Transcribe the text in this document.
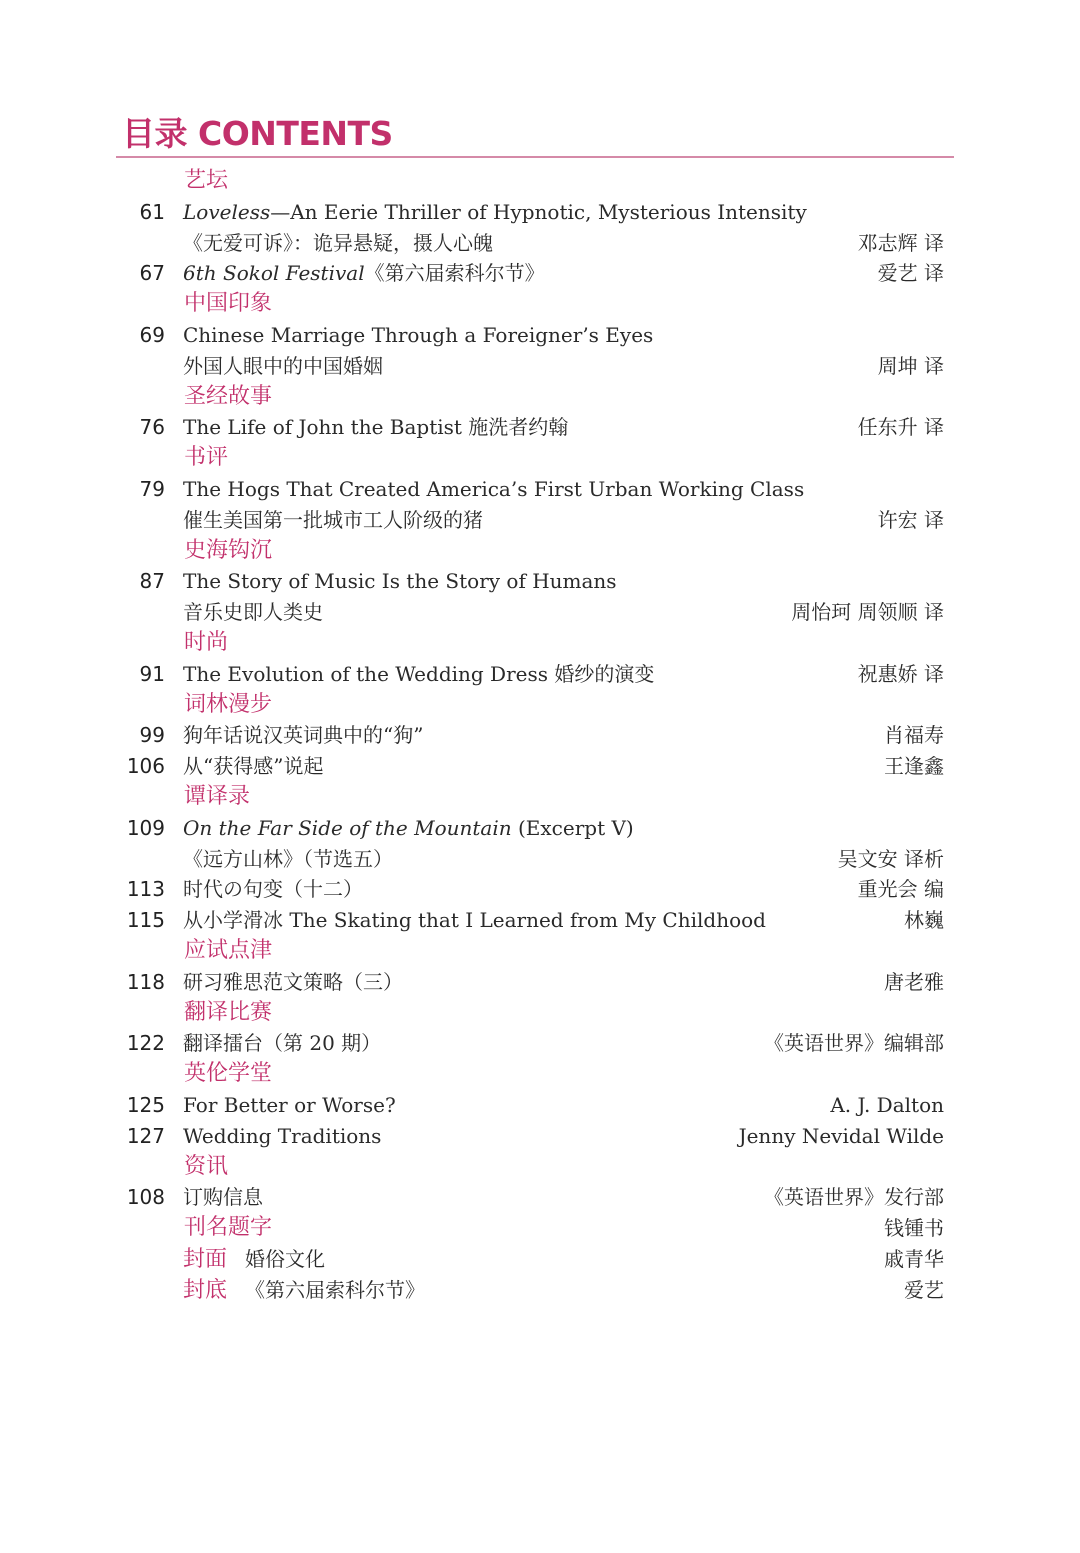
目录 CONTENTS
艺坛
61 Loveless—An Eerie Thriller of Hypnotic, Mysterious Intensity
《无爱可诉》：诡异悬疑，摄人心魄	邓志辉 译
67 6th Sokol Festival《第六届索科尔节》	爱艺 译
中国印象
69 Chinese Marriage Through a Foreigner’s Eyes
外国人眼中的中国婚姻	周坤 译
圣经故事
76 The Life of John the Baptist 施洗者约翰	任东升 译
书评
79 The Hogs That Created America’s First Urban Working Class
催生美国第一批城市工人阶级的猪	许宏 译
史海钩沉
87 The Story of Music Is the Story of Humans
音乐史即人类史	周怡珂 周领顺 译
时尚
91 The Evolution of the Wedding Dress 婚纱的演变	祝惠娇 译
词林漫步
99 狗年话说汉英词典中的“狗”	肖福寿
106 从“获得感”说起	王逢鑫
谭译录
109 On the Far Side of the Mountain (Excerpt V)
《远方山林》（节选五）	吴文安 译析
113 时代の句变（十二）	重光会 编
115 从小学滑冰 The Skating that I Learned from My Childhood	林巍
应试点津
118 研习雅思范文策略（三）	唐老雅
翻译比赛
122 翻译擂台（第 20 期）	《英语世界》编辑部
英伦学堂
125 For Better or Worse?	A. J. Dalton
127 Wedding Traditions	Jenny Nevidal Wilde
资讯
108 订购信息	《英语世界》发行部
刊名题字	钱锺书
封面 婚俗文化	戚青华
封底 《第六届索科尔节》	爱艺
